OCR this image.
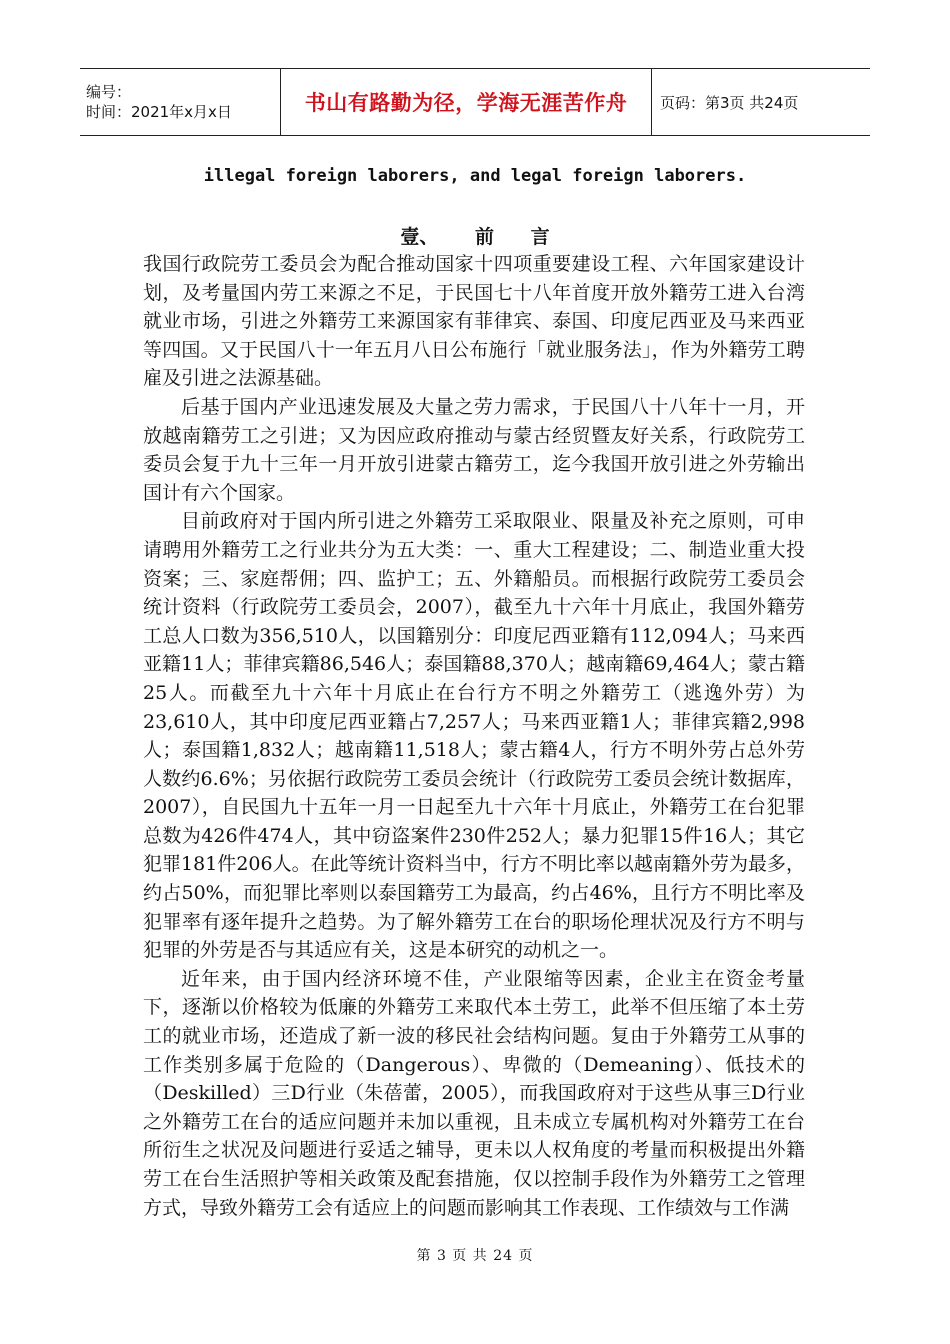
编号：
时间：2021年x月x日	书山有路勤为径，学海无涯苦作舟 页码：第3页 共24页
illegal foreign laborers, and legal foreign laborers.
壹、 前 言

我国行政院劳工委员会为配合推动国家十四项重要建设工程、六年国家建设计划，及考量国内劳工来源之不足，于民国七十八年首度开放外籍劳工进入台湾就业市场，引进之外籍劳工来源国家有菲律宾、泰国、印度尼西亚及马来西亚等四国。又于民国八十一年五月八日公布施行「就业服务法」，作为外籍劳工聘雇及引进之法源基础。

后基于国内产业迅速发展及大量之劳力需求，于民国八十八年十一月，开放越南籍劳工之引进；又为因应政府推动与蒙古经贸暨友好关系，行政院劳工委员会复于九十三年一月开放引进蒙古籍劳工，迄今我国开放引进之外劳输出国计有六个国家。

目前政府对于国内所引进之外籍劳工采取限业、限量及补充之原则，可申请聘用外籍劳工之行业共分为五大类：一、重大工程建设；二、制造业重大投资案；三、家庭帮佣；四、监护工；五、外籍船员。而根据行政院劳工委员会统计资料（行政院劳工委员会，2007），截至九十六年十月底止，我国外籍劳工总人口数为356,510人，以国籍别分：印度尼西亚籍有112,094人；马来西亚籍11人；菲律宾籍86,546人；泰国籍88,370人；越南籍69,464人；蒙古籍25人。而截至九十六年十月底止在台行方不明之外籍劳工（逃逸外劳）为23,610人，其中印度尼西亚籍占7,257人；马来西亚籍1人；菲律宾籍2,998人；泰国籍1,832人；越南籍11,518人；蒙古籍4人，行方不明外劳占总外劳人数约6.6%；另依据行政院劳工委员会统计（行政院劳工委员会统计数据库，2007），自民国九十五年一月一日起至九十六年十月底止，外籍劳工在台犯罪总数为426件474人，其中窃盗案件230件252人；暴力犯罪15件16人；其它犯罪181件206人。在此等统计资料当中，行方不明比率以越南籍外劳为最多，约占50%，而犯罪比率则以泰国籍劳工为最高，约占46%，且行方不明比率及犯罪率有逐年提升之趋势。为了解外籍劳工在台的职场伦理状况及行方不明与犯罪的外劳是否与其适应有关，这是本研究的动机之一。

近年来，由于国内经济环境不佳，产业限缩等因素，企业主在资金考量下，逐渐以价格较为低廉的外籍劳工来取代本土劳工，此举不但压缩了本土劳工的就业市场，还造成了新一波的移民社会结构问题。复由于外籍劳工从事的工作类别多属于危险的（Dangerous）、卑微的（Demeaning）、低技术的（Deskilled）三D行业（朱蓓蕾，2005），而我国政府对于这些从事三D行业之外籍劳工在台的适应问题并未加以重视，且未成立专属机构对外籍劳工在台所衍生之状况及问题进行妥适之辅导，更未以人权角度的考量而积极提出外籍劳工在台生活照护等相关政策及配套措施，仅以控制手段作为外籍劳工之管理方式，导致外籍劳工会有适应上的问题而影响其工作表现、工作绩效与工作满

第 3 页 共 24 页
